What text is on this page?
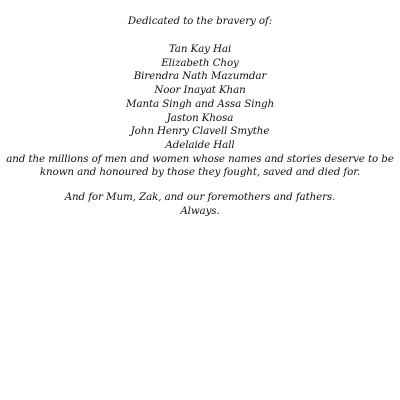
Dedicated to the bravery of:
Tan Kay Hai
Elizabeth Choy
Birendra Nath Mazumdar
Noor Inayat Khan
Manta Singh and Assa Singh
Jaston Khosa
John Henry Clavell Smythe
Adelaide Hall
and the millions of men and women whose names and stories deserve to be
known and honoured by those they fought, saved and died for.
And for Mum, Zak, and our foremothers and fathers.
Always.
